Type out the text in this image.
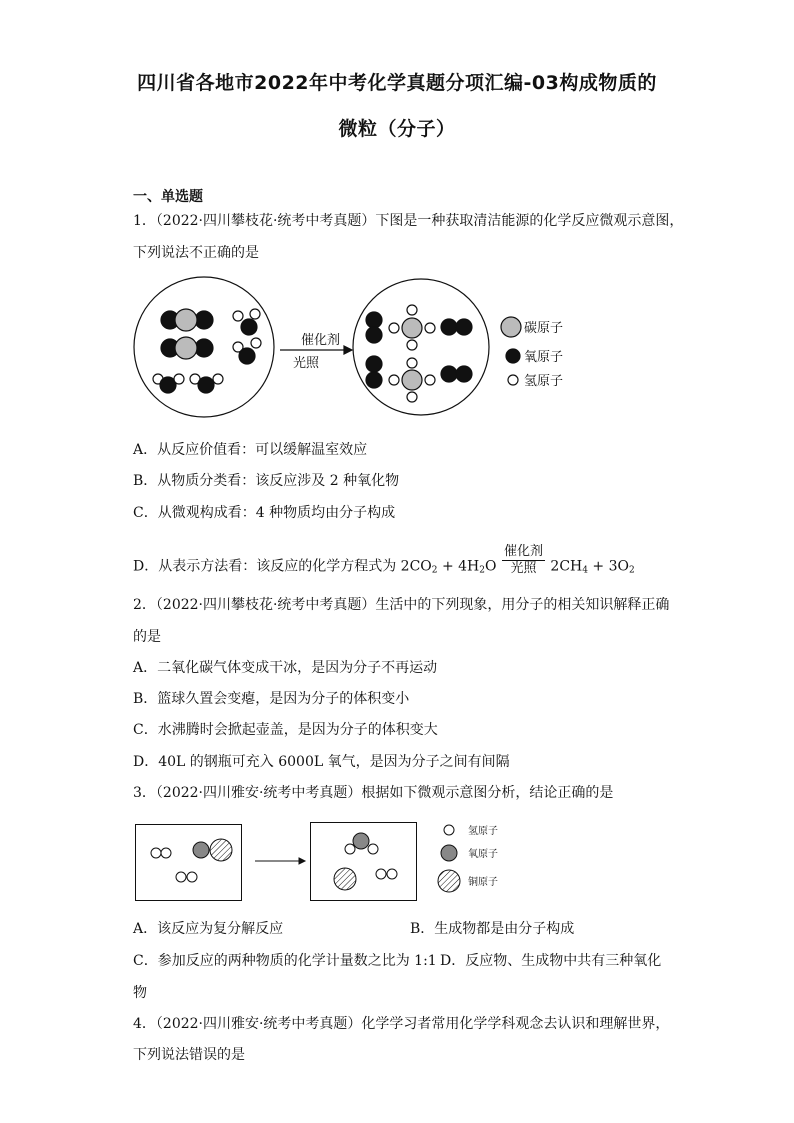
四川省各地市2022年中考化学真题分项汇编-03构成物质的
微粒（分子）
一、单选题
1．（2022·四川攀枝花·统考中考真题）下图是一种获取清洁能源的化学反应微观示意图，
下列说法不正确的是
催化剂
光照
碳原子
氧原子
氢原子
A．从反应价值看：可以缓解温室效应
B．从物质分类看：该反应涉及 2 种氧化物
C．从微观构成看：4 种物质均由分子构成
D．从表示方法看：该反应的化学方程式为 $2CO_2 + 4H_2O$
催化剂
光照 $2CH_4 + 3O_2$
2．（2022·四川攀枝花·统考中考真题）生活中的下列现象，用分子的相关知识解释正确
的是
A．二氧化碳气体变成干冰，是因为分子不再运动
B．篮球久置会变瘪，是因为分子的体积变小
C．水沸腾时会掀起壶盖，是因为分子的体积变大
D．40L 的钢瓶可充入 6000L 氧气，是因为分子之间有间隔
3．（2022·四川雅安·统考中考真题）根据如下微观示意图分析，结论正确的是
氢原子
氧原子
铜原子
A．该反应为复分解反应	B．生成物都是由分子构成
C．参加反应的两种物质的化学计量数之比为 1:1 D．反应物、生成物中共有三种氧化
物
4．（2022·四川雅安·统考中考真题）化学学习者常用化学学科观念去认识和理解世界，
下列说法错误的是
